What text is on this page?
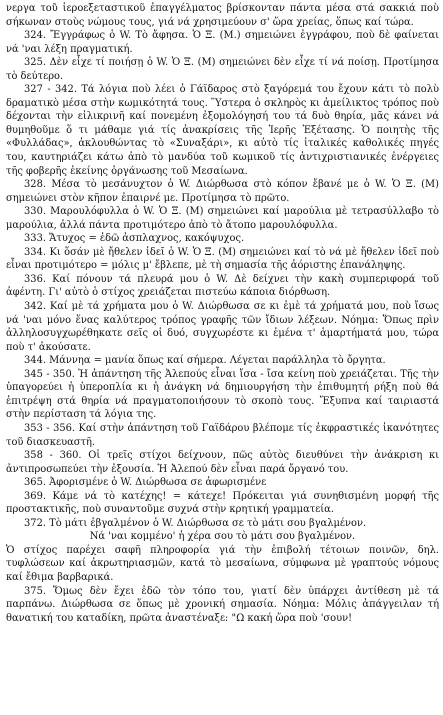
νεργα τοῦ ἱεροεξεταστικοῦ ἐπαγγέλματος βρίσκονταν πάντα μέσα στά σακκιά ποὺ σήκωναν στοὺς νώμους τους, γιά νά χρησιμεύουν σ' ὥρα χρείας, ὅπως καί τώρα.

324. Ἔγγράφως ὁ W. Τὸ ἄφησα. Ὁ Ξ. (Μ.) σημειώνει ἐγγράφου, ποὺ δὲ φαίνεται νά 'ναι λέξη πραγματική.

325. Δὲν εἶχε τί ποιήσῃ ὁ W. Ὁ Ξ. (Μ) σημειώνει δὲν εἶχε τί νά ποίσῃ. Προτίμησα τὸ δεύτερο.

327 - 342. Τά λόγια ποὺ λέει ὁ Γάϊδαρος στὸ ξαγόρεμά του ἔχουν κάτι τὸ πολὺ δραματικὸ μέσα στὴν κωμικότητά τους. Ὕστερα ὁ σκληρὸς κι ἀμείλικτος τρόπος ποὺ δέχονται τὴν εἰλικρινῆ καί πονεμένη ἐξομολόγησή του τά δυὸ θηρία, μᾶς κάνει νά θυμηθοῦμε ὅ τι μάθαμε γιά τίς ἀνακρίσεις τῆς Ἱερῆς Ἐξέτασης. Ὁ ποιητὴς τῆς «Φυλλάδας», ἀκλουθώντας τὸ «Συναξάρι», κι αὐτὸ τίς ἰταλικές καθολικές πηγές του, καυτηριάζει κάτω ἀπὸ τὸ μανδύα τοῦ κωμικοῦ τίς ἀντιχριστιανικές ἐνέργειες τῆς φοβερῆς ἐκείνης ὀργάνωσης τοῦ Μεσαίωνα.

328. Μέσα τὸ μεσάνυχτον ὁ W. Διώρθωσα στὸ κόπον ἔβανέ με ὁ W. Ὁ Ξ. (Μ) σημειώνει στὸν κῆπον ἐπαιρνέ με. Προτίμησα τὸ πρῶτο.

330. Μαρουλόφυλλα ὁ W. Ὁ Ξ. (Μ) σημειώνει καί μαρούλια μὲ τετρασύλλαβο τὸ μαρούλια, ἀλλά πάντα προτιμότερο ἀπὸ τὸ ἄτοπο μαρουλόφυλλα.

333. Ἄτυχος = ἐδῶ ἀσπλαχνος, κακόψυχος.

334. Κι ὅσάν μὲ ἤθελεν ἰδεῖ ὁ W. Ὁ Ξ. (Μ) σημειώνει καί τὸ νά μὲ ἤθελεν ἰδεῖ ποὺ εἶναι προτιμότερο = μόλις μ' ἔβλεπε, μὲ τὴ σημασία τῆς ἀόριστης ἐπανάληψης.

336. Καί πόνουν τά πλευρά μου ὁ W. Δὲ δείχνει τὴν κακὴ συμπεριφορά τοῦ ἀφέντη. Γι' αὐτὸ ὁ στίχος χρειάζεται πιστεύω κάποια διόρθωση.

342. Καί μὲ τά χρήματα μου ὁ W. Διώρθωσα σε κι ἐμὲ τά χρήματά μου, ποὺ ἴσως νά 'ναι μόνο ἕνας καλύτερος τρόπος γραφῆς τῶν ἴδιων λέξεων. Νόημα: Ὅπως πρὶν ἀλληλοσυγχωρέθηκατε σεῖς οἱ δυό, συγχωρέστε κι ἐμένα τ' ἁμαρτήματά μου, τώρα ποὺ τ' ἀκούσατε.

344. Μάννηα = μανία ὅπως καί σήμερα. Λέγεται παράλληλα τὸ ὄργητα.

345 - 350. Ἡ ἀπάντηση τῆς Ἀλεπούς εἶναι ἴσα - ἴσα κείνη ποὺ χρειάζεται. Τῆς τὴν ὑπαγορεύει ἡ ὑπεροπλία κι ἡ ἀνάγκη νά δημιουργήση τὴν ἐπιθυμητή ρήξη ποὺ θά ἐπιτρέψη στά θηρία νά πραγματοποιήσουν τὸ σκοπὸ τους. Ἔξυπνα καί ταιριαστά στὴν περίσταση τά λόγια της.

353 - 356. Καί στὴν ἀπάντηση τοῦ Γαϊδάρου βλέπομε τίς ἐκφραστικές ἱκανότητες τοῦ διασκευαστῆ.

358 - 360. Οἱ τρεῖς στίχοι δείχνουν, πῶς αὐτὸς διευθύνει τὴν ἀνάκριση κι ἀντιπροσωπεύει τὴν ἐξουσία. Ἡ Ἀλεπού δὲν εἶναι παρά ὄργανό του.

365. Ἀφορισμένε ὁ W. Διώρθωσα σε ἀφωρισμένε

369. Κάμε νά τὸ κατέχης! = κάτεχε! Πρόκειται γιά συνηθισμένη μορφή τῆς προστακτικῆς, ποὺ συναντοῦμε συχνά στὴν κρητική γραμματεία.

372. Τὸ μάτι ἐβγαλμένον ὁ W. Διώρθωσα σε τὸ μάτι σου βγαλμένον.

Νά 'ναι κομμένο' ἡ χέρα σου τὸ μάτι σου βγαλμένον.

Ὁ στίχος παρέχει σαφῆ πληροφορία γιά τὴν ἐπιβολή τέτοιων ποινῶν, δηλ. τυφλώσεων καί ἀκρωτηριασμῶν, κατά τὸ μεσαίωνα, σύμφωνα μὲ γραπτούς νόμους καί ἔθιμα βαρβαρικά.

375. Ὅμως δὲν ἔχει ἐδῶ τὸν τόπο του, γιατί δὲν ὑπάρχει ἀντίθεση μὲ τά παρπάνω. Διώρθωσα σε ὅπως μὲ χρονική σημασία. Νόημα: Μόλις ἀπάγγειλαν τή θανατική του καταδίκη, πρῶτα ἀναστέναξε: "Ω κακή ὥρα ποὺ 'σουν!
